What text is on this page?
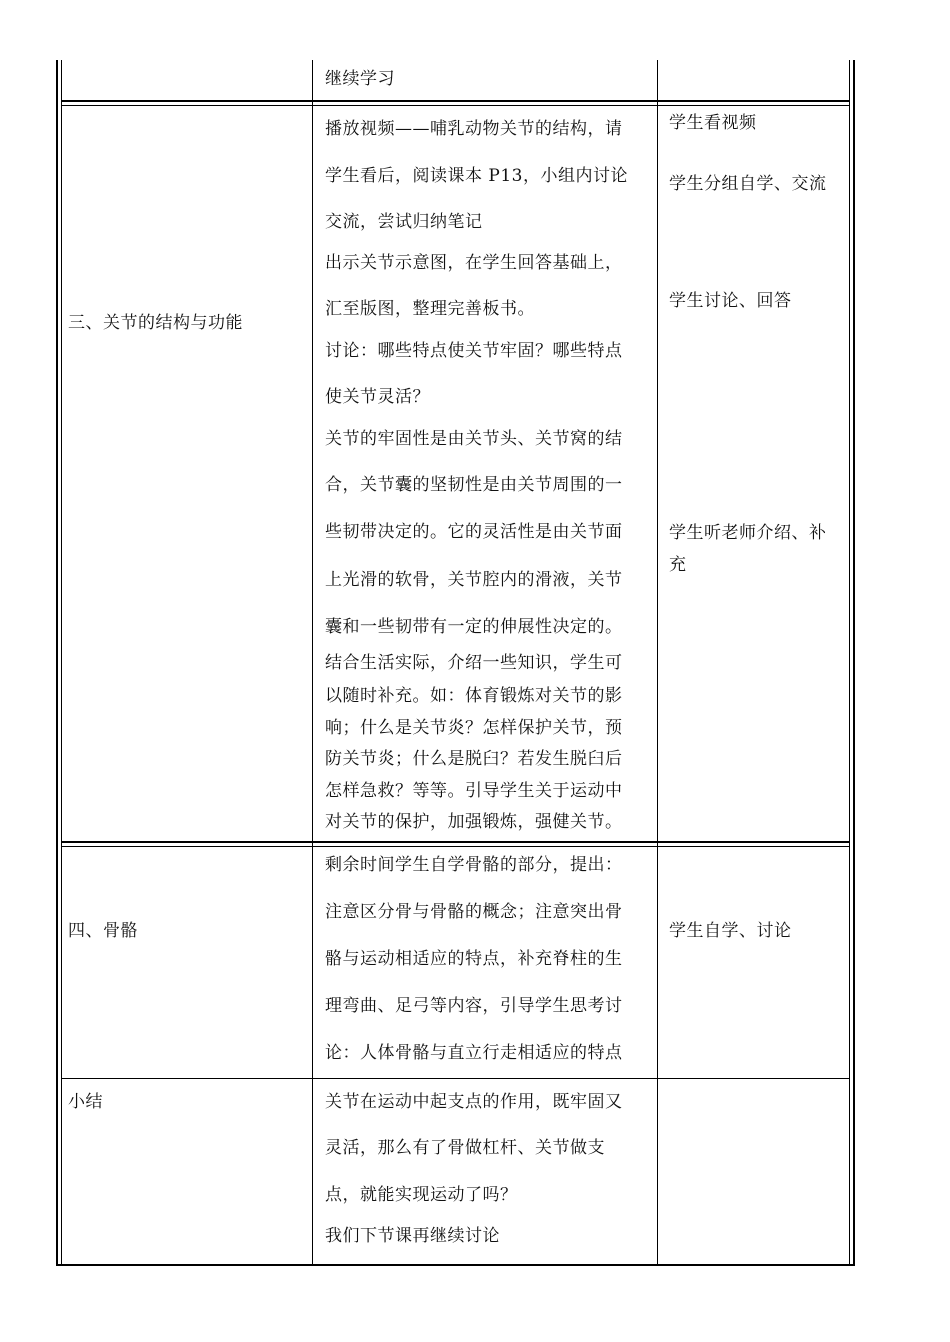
继续学习
三、关节的结构与功能
播放视频——哺乳动物关节的结构，请
学生看后，阅读课本 P13，小组内讨论
交流，尝试归纳笔记
出示关节示意图，在学生回答基础上，
汇至版图，整理完善板书。
讨论：哪些特点使关节牢固？哪些特点
使关节灵活？
关节的牢固性是由关节头、关节窝的结
合，关节囊的坚韧性是由关节周围的一
些韧带决定的。它的灵活性是由关节面
上光滑的软骨，关节腔内的滑液，关节
囊和一些韧带有一定的伸展性决定的。
结合生活实际，介绍一些知识，学生可
以随时补充。如：体育锻炼对关节的影
响；什么是关节炎？怎样保护关节，预
防关节炎；什么是脱臼？若发生脱臼后
怎样急救？等等。引导学生关于运动中
对关节的保护，加强锻炼，强健关节。
学生看视频
学生分组自学、交流
学生讨论、回答
学生听老师介绍、补
充
四、骨骼
剩余时间学生自学骨骼的部分，提出：
注意区分骨与骨骼的概念；注意突出骨
骼与运动相适应的特点，补充脊柱的生
理弯曲、足弓等内容，引导学生思考讨
论：人体骨骼与直立行走相适应的特点
学生自学、讨论
小结	关节在运动中起支点的作用，既牢固又
灵活，那么有了骨做杠杆、关节做支
点，就能实现运动了吗？
我们下节课再继续讨论
